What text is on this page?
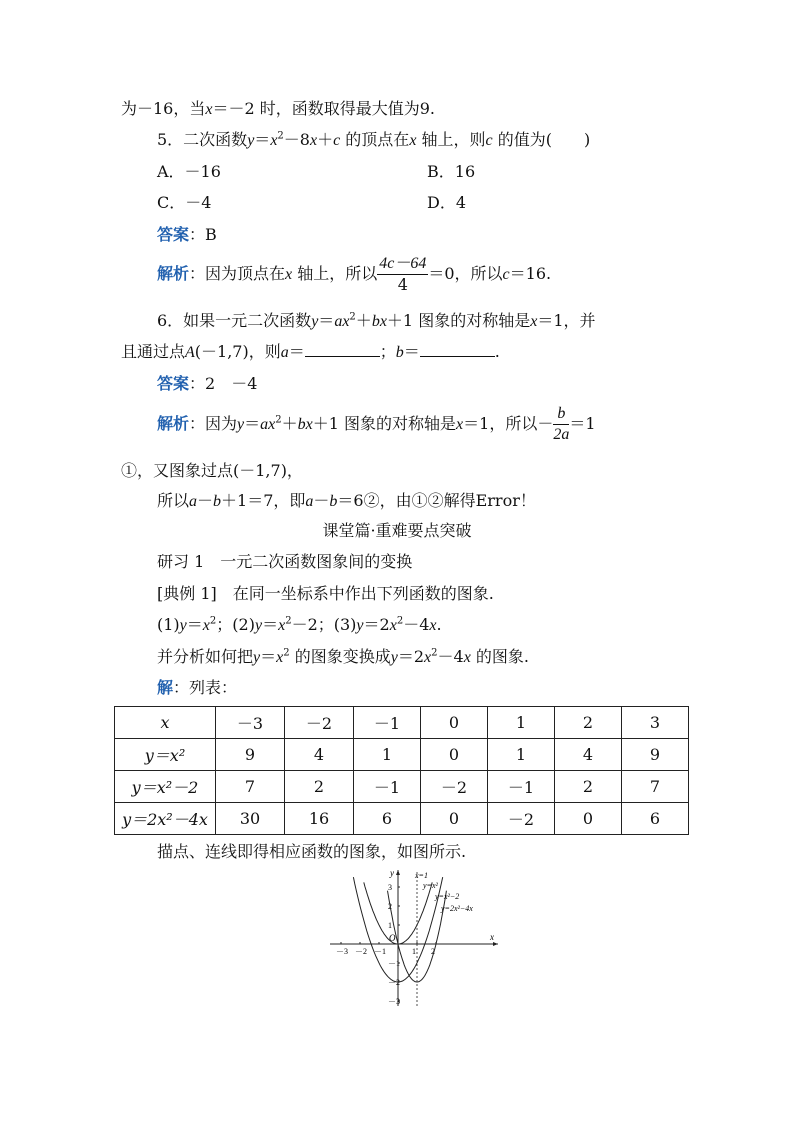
为－16，当x＝－2 时，函数取得最大值为9.
5．二次函数$y=x^2-8x+c$ 的顶点在x 轴上，则c 的值为(　　)
A．－16	B．16
C．－4	D．4
答案：B
解析：因为顶点在x 轴上，所以 $\frac{4c-64}{4} =0$，所以c＝16.
6．如果一元二次函数$y=ax^2+bx+1$ 图象的对称轴是x＝1，并
且通过点A(－1,7)，则a＝	；b＝	.
答案：2　－4
解析：因为$y=ax^2+bx+1$ 图象的对称轴是x＝1，所以－ $\frac{b}{2a} =1$
①，又图象过点(－1,7)，
所以a－b＋1＝7，即a－b＝6②，由①②解得Error！
课堂篇·重难要点突破
研习 1　一元二次函数图象间的变换
[典例 1]　在同一坐标系中作出下列函数的图象.
$(1)y=x^2$；$(2)y=x^2-2$；$(3)y=2x^2-4x$.
并分析如何把$y=x^2$ 的图象变换成$y=2x^2-4x$ 的图象.
解：列表：
x	－3	－2	－1	0	1	2	3
y＝x²	9	4	1	0	1	4	9
y＝x²－2	7	2	－1	－2	－1	2	7
y＝2x²－4x	30	16	6	0	－2	0	6
描点、连线即得相应函数的图象，如图所示.
x
y
O
－3 －2 －1	1 2
3
2
1
－1
－2
－3
x=1
y=x²
y=x²−2
y=2x²−4x
